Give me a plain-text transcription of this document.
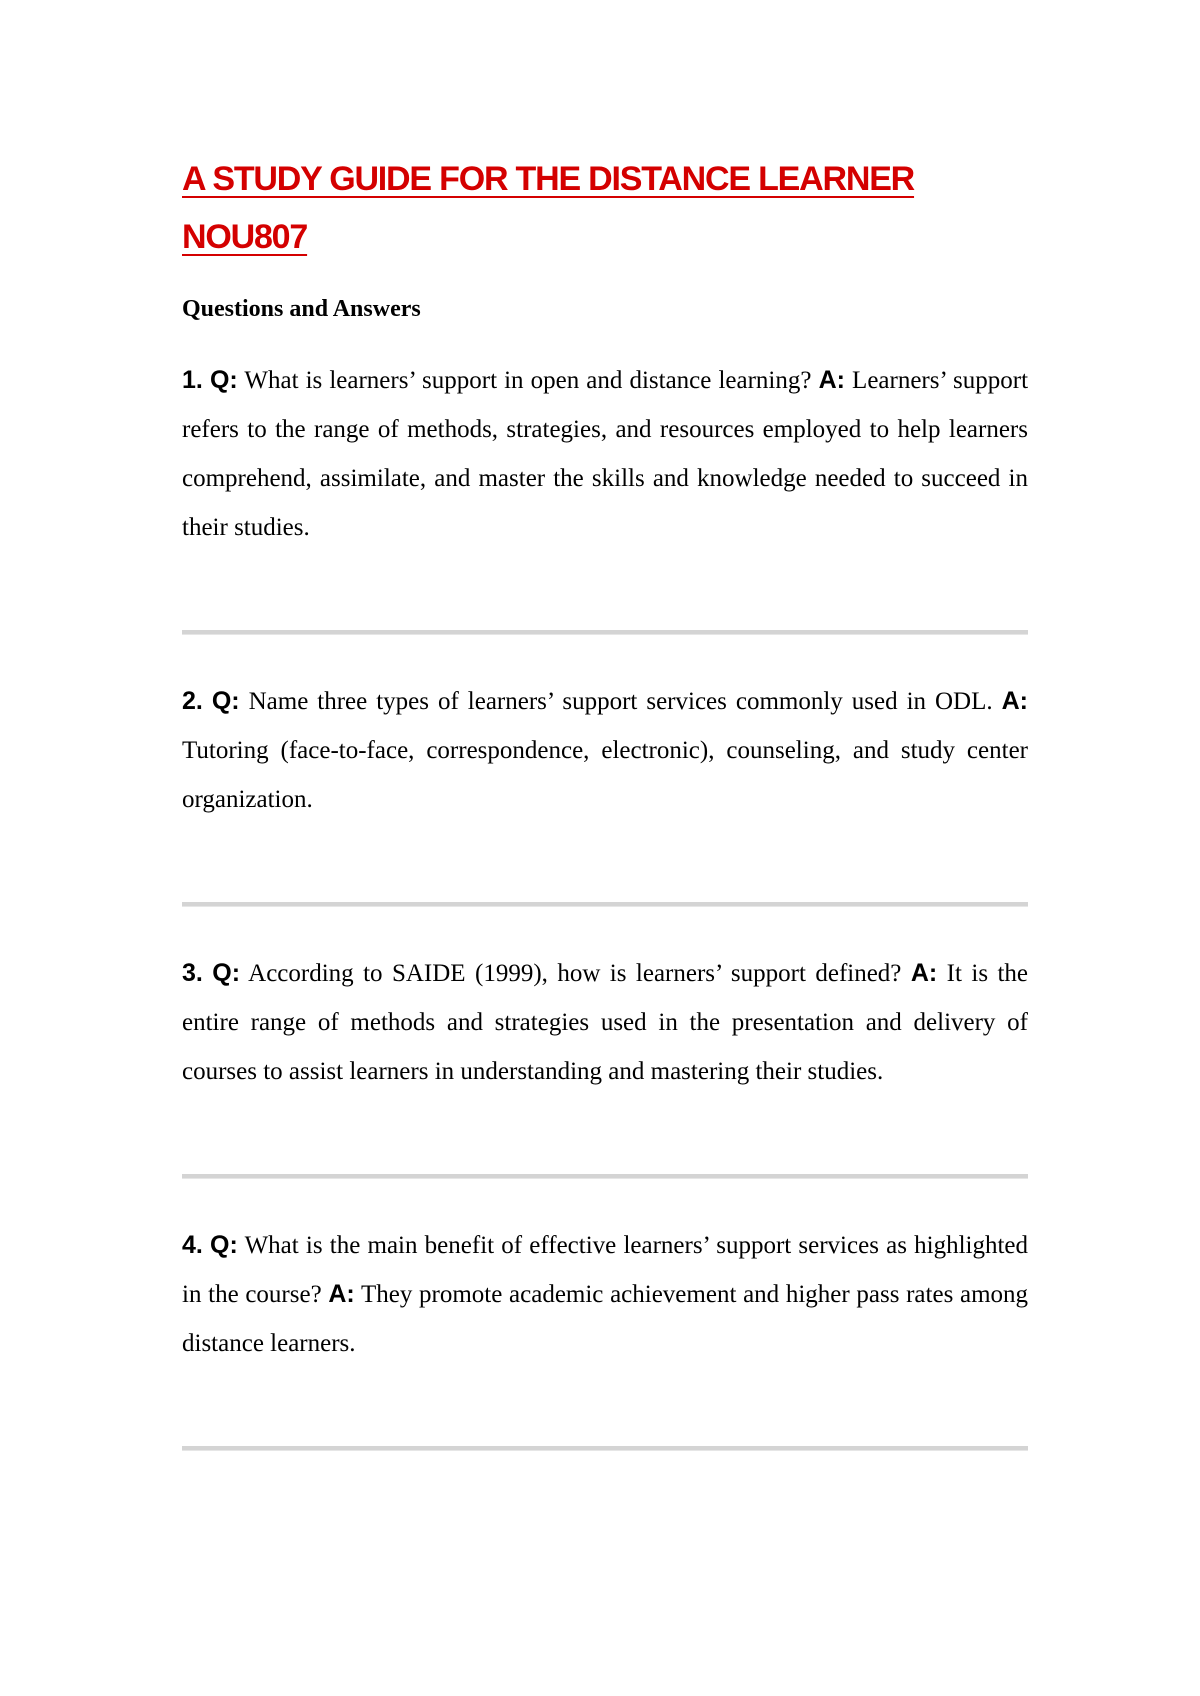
A STUDY GUIDE FOR THE DISTANCE LEARNER
NOU807
Questions and Answers

1. Q: What is learners’ support in open and distance learning? A: Learners’ support refers to the range of methods, strategies, and resources employed to help learners comprehend, assimilate, and master the skills and knowledge needed to succeed in their studies.

2. Q: Name three types of learners’ support services commonly used in ODL. A: Tutoring (face-to-face, correspondence, electronic), counseling, and study center organization.

3. Q: According to SAIDE (1999), how is learners’ support defined? A: It is the entire range of methods and strategies used in the presentation and delivery of courses to assist learners in understanding and mastering their studies.

4. Q: What is the main benefit of effective learners’ support services as highlighted in the course? A: They promote academic achievement and higher pass rates among distance learners.
